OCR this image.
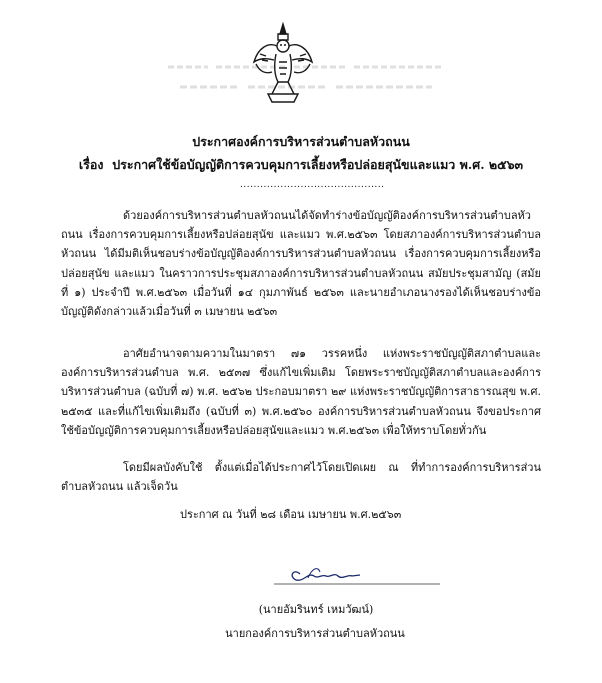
ประกาศองค์การบริหารส่วนตำบลหัวถนน
เรื่อง ประกาศใช้ข้อบัญญัติการควบคุมการเลี้ยงหรือปล่อยสุนัขและแมว พ.ศ. ๒๕๖๓
...........................................

ด้วยองค์การบริหารส่วนตำบลหัวถนนได้จัดทำร่างข้อบัญญัติองค์การบริหารส่วนตำบลหัวถนน เรื่องการควบคุมการเลี้ยงหรือปล่อยสุนัข และแมว พ.ศ.๒๕๖๓ โดยสภาองค์การบริหารส่วนตำบลหัวถนน ได้มีมติเห็นชอบร่างข้อบัญญัติองค์การบริหารส่วนตำบลหัวถนน เรื่องการควบคุมการเลี้ยงหรือปล่อยสุนัข และแมว ในคราวการประชุมสภาองค์การบริหารส่วนตำบลหัวถนน สมัยประชุมสามัญ (สมัยที่ ๑) ประจำปี พ.ศ.๒๕๖๓ เมื่อวันที่ ๑๔ กุมภาพันธ์ ๒๕๖๓ และนายอำเภอนางรองได้เห็นชอบร่างข้อบัญญัติดังกล่าวแล้วเมื่อวันที่ ๓ เมษายน ๒๕๖๓

อาศัยอำนาจตามความในมาตรา ๗๑ วรรคหนึ่ง แห่งพระราชบัญญัติสภาตำบลและองค์การบริหารส่วนตำบล พ.ศ. ๒๕๓๗ ซึ่งแก้ไขเพิ่มเติม โดยพระราชบัญญัติสภาตำบลและองค์การบริหารส่วนตำบล (ฉบับที่ ๗) พ.ศ. ๒๕๖๒ ประกอบมาตรา ๒๙ แห่งพระราชบัญญัติการสาธารณสุข พ.ศ. ๒๕๓๕ และที่แก้ไขเพิ่มเติมถึง (ฉบับที่ ๓) พ.ศ.๒๕๖๐ องค์การบริหารส่วนตำบลหัวถนน จึงขอประกาศใช้ข้อบัญญัติการควบคุมการเลี้ยงหรือปล่อยสุนัขและแมว พ.ศ.๒๕๖๓ เพื่อให้ทราบโดยทั่วกัน

โดยมีผลบังคับใช้ ตั้งแต่เมื่อได้ประกาศไว้โดยเปิดเผย ณ ที่ทำการองค์การบริหารส่วนตำบลหัวถนน แล้วเจ็ดวัน

ประกาศ ณ วันที่ ๒๘ เดือน เมษายน พ.ศ.๒๕๖๓
(นายอัมรินทร์ เหมวัฒน์)
นายกองค์การบริหารส่วนตำบลหัวถนน
